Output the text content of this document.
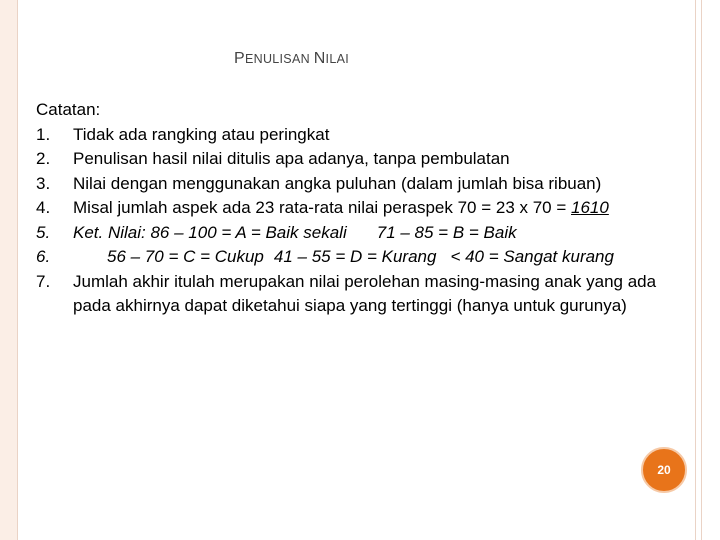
PENULISAN NILAI

Catatan:

1. Tidak ada rangking atau peringkat
2. Penulisan hasil nilai ditulis apa adanya, tanpa pembulatan
3. Nilai dengan menggunakan angka puluhan (dalam jumlah bisa ribuan)
4. Misal jumlah aspek ada 23 rata-rata nilai peraspek 70 = 23 x 70 = 1610
5. Ket. Nilai: 86 – 100 = A = Baik sekali 71 – 85 = B = Baik
6.	56 – 70 = C = Cukup 41 – 55 = D = Kurang < 40 = Sangat kurang
7. Jumlah akhir itulah merupakan nilai perolehan masing-masing anak yang ada pada akhirnya dapat diketahui siapa yang tertinggi (hanya untuk gurunya)
20
